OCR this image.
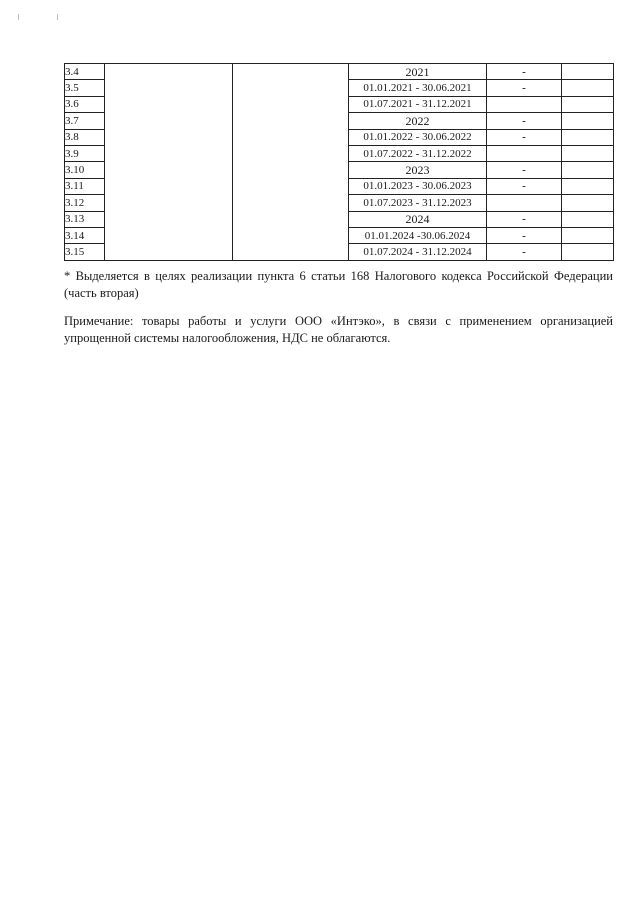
3.4			2021	-	
3.5			01.01.2021 - 30.06.2021	-	
3.6			01.07.2021 - 31.12.2021		
3.7			2022	-	
3.8			01.01.2022 - 30.06.2022	-	
3.9			01.07.2022 - 31.12.2022		
3.10			2023	-	
3.11			01.01.2023 - 30.06.2023	-	
3.12			01.07.2023 - 31.12.2023		
3.13			2024	-	
3.14			01.01.2024 -30.06.2024	-	
3.15			01.07.2024 - 31.12.2024	-	

* Выделяется в целях реализации пункта 6 статьи 168 Налогового кодекса Российской Федерации (часть вторая)

Примечание: товары работы и услуги ООО «Интэко», в связи с применением организацией упрощенной системы налогообложения, НДС не облагаются.
